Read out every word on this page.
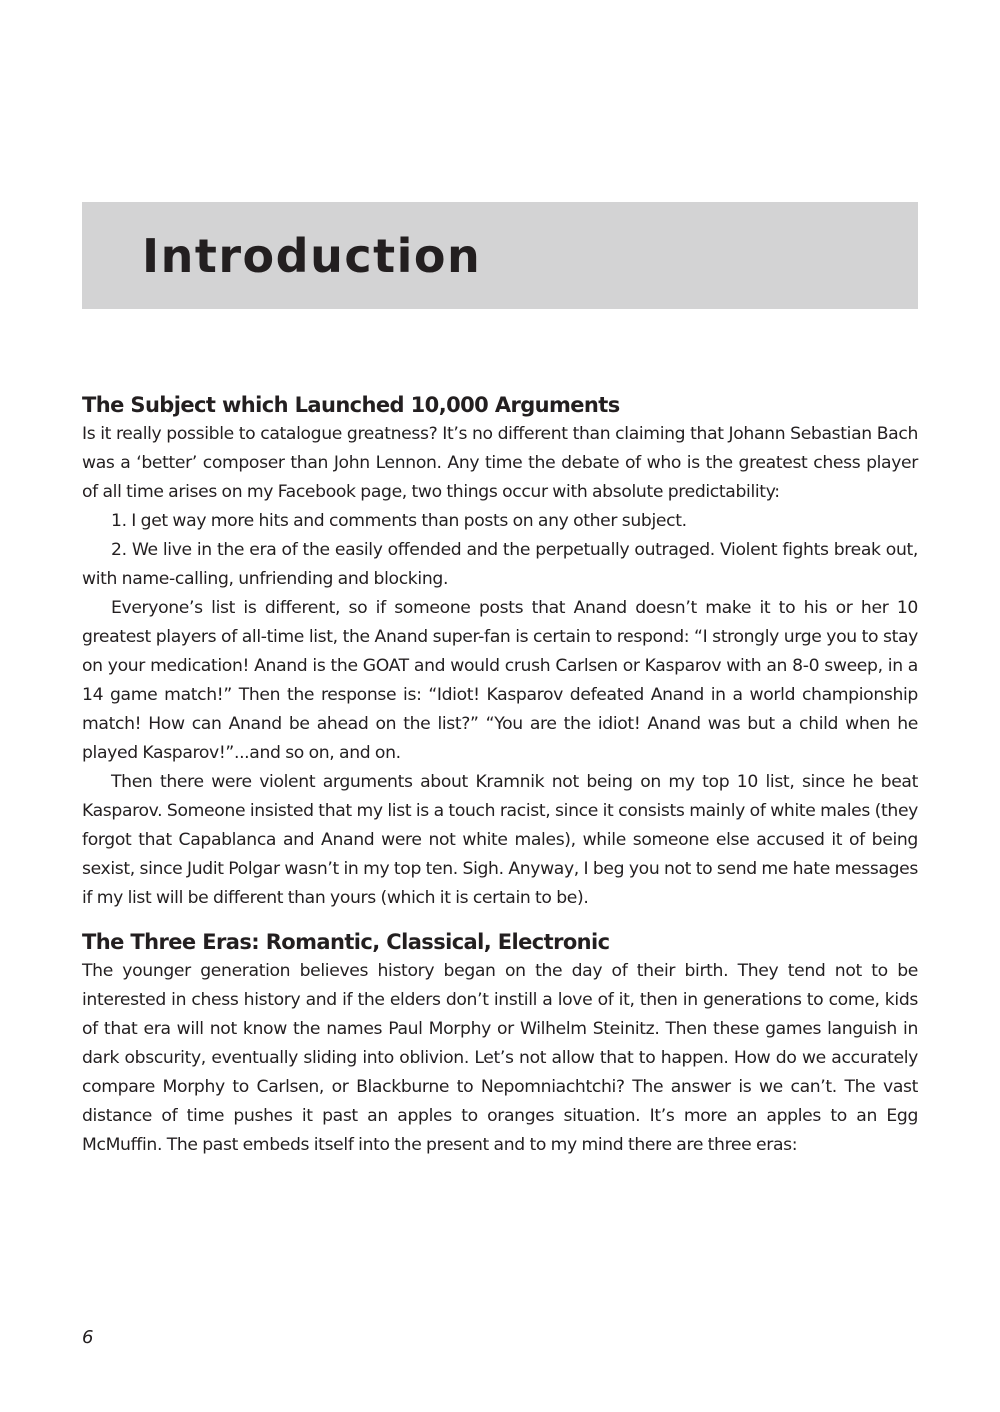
Introduction
The Subject which Launched 10,000 Arguments

Is it really possible to catalogue greatness? It’s no different than claiming that Johann Sebastian Bach was a ‘better’ composer than John Lennon. Any time the debate of who is the greatest chess player of all time arises on my Facebook page, two things occur with absolute predictability:

1. I get way more hits and comments than posts on any other subject.

2. We live in the era of the easily offended and the perpetually outraged. Violent fights break out, with name-calling, unfriending and blocking.

Everyone’s list is different, so if someone posts that Anand doesn’t make it to his or her 10 greatest players of all-time list, the Anand super-fan is certain to respond: “I strongly urge you to stay on your medication! Anand is the GOAT and would crush Carlsen or Kasparov with an 8-0 sweep, in a 14 game match!” Then the response is: “Idiot! Kasparov defeated Anand in a world championship match! How can Anand be ahead on the list?” “You are the idiot! Anand was but a child when he played Kasparov!”...and so on, and on.

Then there were violent arguments about Kramnik not being on my top 10 list, since he beat Kasparov. Someone insisted that my list is a touch racist, since it consists mainly of white males (they forgot that Capablanca and Anand were not white males), while someone else accused it of being sexist, since Judit Polgar wasn’t in my top ten. Sigh. Anyway, I beg you not to send me hate messages if my list will be different than yours (which it is certain to be).

The Three Eras: Romantic, Classical, Electronic

The younger generation believes history began on the day of their birth. They tend not to be interested in chess history and if the elders don’t instill a love of it, then in generations to come, kids of that era will not know the names Paul Morphy or Wilhelm Steinitz. Then these games languish in dark obscurity, eventually sliding into oblivion. Let’s not allow that to happen. How do we accurately compare Morphy to Carlsen, or Blackburne to Nepomniachtchi? The answer is we can’t. The vast distance of time pushes it past an apples to oranges situation. It’s more an apples to an Egg McMuffin. The past embeds itself into the present and to my mind there are three eras:

6
